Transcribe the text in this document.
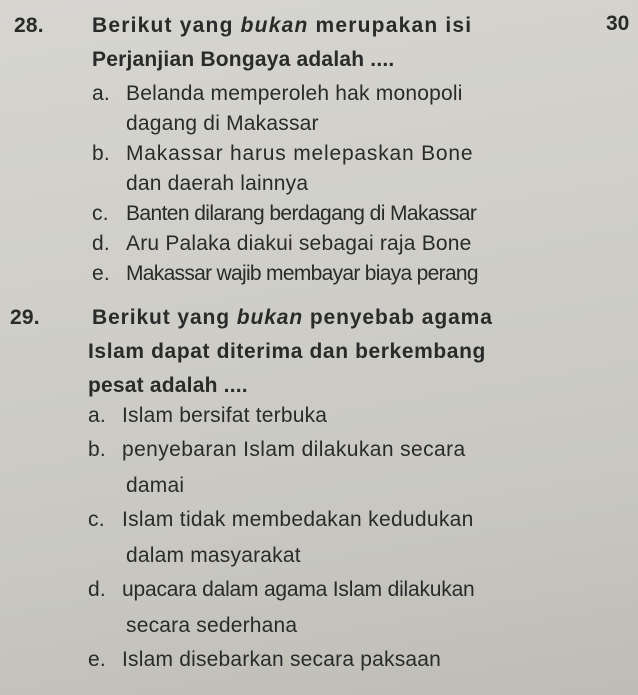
30
28. Berikut yang bukan merupakan isi
Perjanjian Bongaya adalah ....
a. Belanda memperoleh hak monopoli
dagang di Makassar
b. Makassar harus melepaskan Bone
dan daerah lainnya
c. Banten dilarang berdagang di Makassar
d. Aru Palaka diakui sebagai raja Bone
e. Makassar wajib membayar biaya perang
29. Berikut yang bukan penyebab agama
Islam dapat diterima dan berkembang
pesat adalah ....
a. Islam bersifat terbuka
b. penyebaran Islam dilakukan secara
damai
c. Islam tidak membedakan kedudukan
dalam masyarakat
d. upacara dalam agama Islam dilakukan
secara sederhana
e. Islam disebarkan secara paksaan
